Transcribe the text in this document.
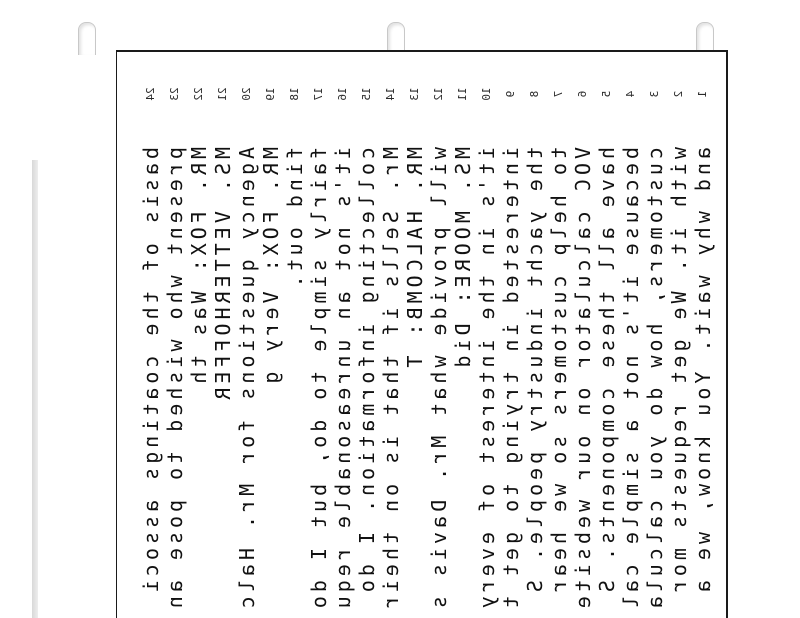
1
and why wait. You know, we a
2
with it. We get requests mor
3
customers, how do you calcula
4
because it's not a simple cal
5
have all these components. S
6
VOC calculator on our website
7
to help customers so we hear
8
the yacht industry people. S
9
interested in trying to get t
10
it's in the interest of every
11
MS. MOORE: Did
12
will provide what Mr. Davis s
13
MR. HALCOMB: T
14
Mr. Sells if that is on their
15
collecting information. I do
16
it's not an unreasonable requ
17
fairly simple to do, but I do
18
find out.
19
MR. FOX: Very g
20
Agency questions for Mr. Halc
21
MS. VETTERHOFFER
22
MR. FOX: Was th
23
present who wished to pose an
24
basis of the coatings associ
